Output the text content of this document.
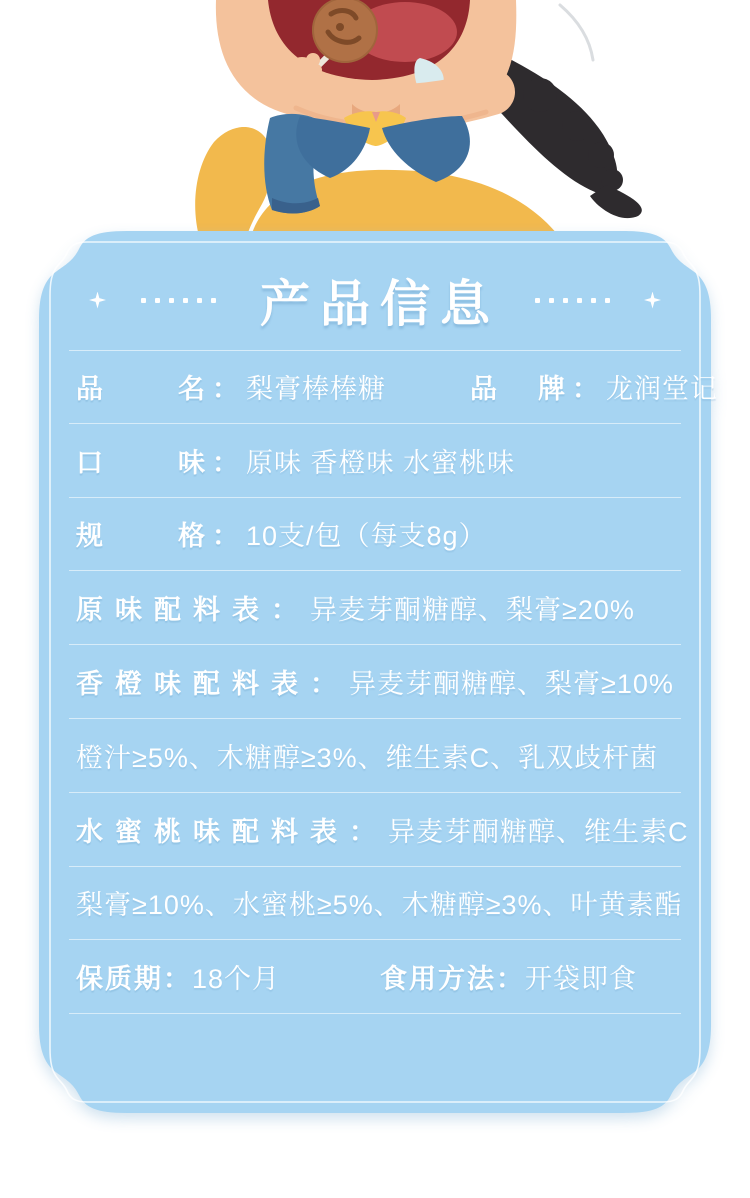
产品信息
品　　名： 梨膏棒棒糖	品　牌： 龙润堂记
口　　味： 原味 香橙味 水蜜桃味
规　　格： 10支/包（每支8g）
原味配料表： 异麦芽酮糖醇、梨膏≥20%
香橙味配料表： 异麦芽酮糖醇、梨膏≥10%
橙汁≥5%、木糖醇≥3%、维生素C、乳双歧杆菌
水蜜桃味配料表： 异麦芽酮糖醇、维生素C
梨膏≥10%、水蜜桃≥5%、木糖醇≥3%、叶黄素酯
保质期： 18个月	食用方法： 开袋即食
